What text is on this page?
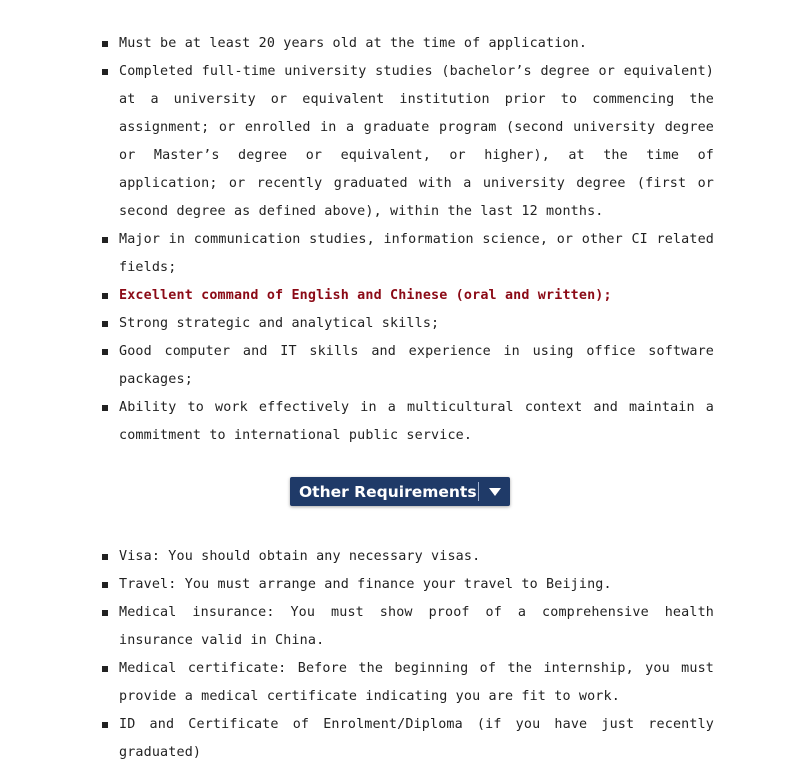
Must be at least 20 years old at the time of application.
Completed full-time university studies (bachelor’s degree or equivalent) at a university or equivalent institution prior to commencing the assignment; or enrolled in a graduate program (second university degree or Master’s degree or equivalent, or higher), at the time of application; or recently graduated with a university degree (first or second degree as defined above), within the last 12 months.
Major in communication studies, information science, or other CI related fields;
Excellent command of English and Chinese (oral and written);
Strong strategic and analytical skills;
Good computer and IT skills and experience in using office software packages;
Ability to work effectively in a multicultural context and maintain a commitment to international public service.
Other Requirements
Visa: You should obtain any necessary visas.
Travel: You must arrange and finance your travel to Beijing.
Medical insurance: You must show proof of a comprehensive health insurance valid in China.
Medical certificate: Before the beginning of the internship, you must provide a medical certificate indicating you are fit to work.
ID and Certificate of Enrolment/Diploma (if you have just recently graduated)
